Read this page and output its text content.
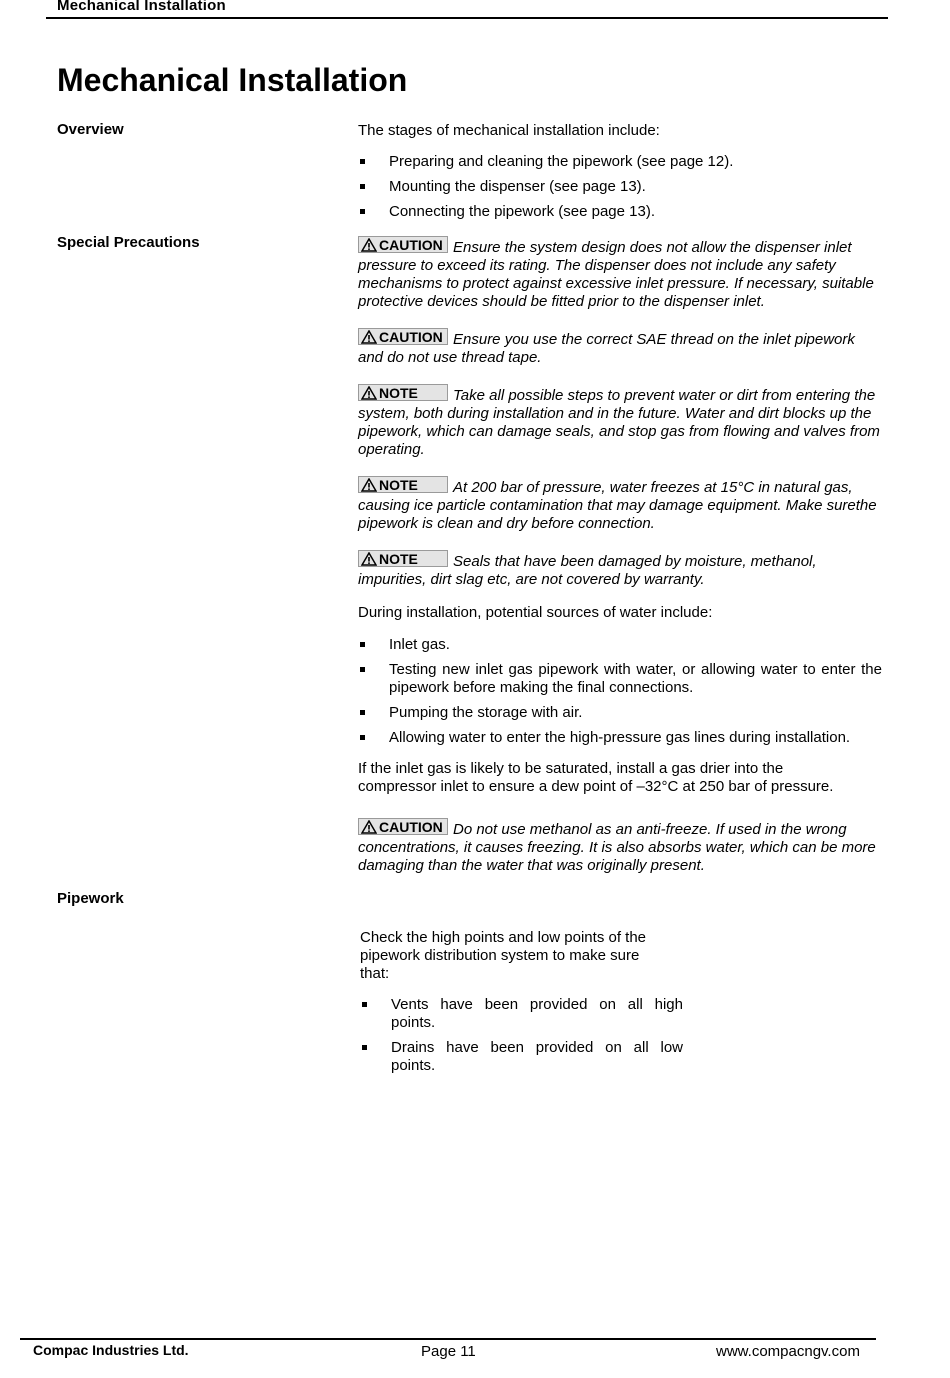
Mechanical Installation
Mechanical Installation
Overview	The stages of mechanical installation include:
Preparing and cleaning the pipework (see page 12).
Mounting the dispenser (see page 13).
Connecting the pipework (see page 13).
Special Precautions	CAUTION Ensure the system design does not allow the dispenser inlet pressure to exceed its rating. The dispenser does not include any safety mechanisms to protect against excessive inlet pressure. If necessary, suitable protective devices should be fitted prior to the dispenser inlet.
CAUTION Ensure you use the correct SAE thread on the inlet pipework and do not use thread tape.
NOTE Take all possible steps to prevent water or dirt from entering the system, both during installation and in the future. Water and dirt blocks up the pipework, which can damage seals, and stop gas from flowing and valves from operating.
NOTE At 200 bar of pressure, water freezes at 15°C in natural gas, causing ice particle contamination that may damage equipment. Make surethe pipework is clean and dry before connection.
NOTE Seals that have been damaged by moisture, methanol, impurities, dirt slag etc, are not covered by warranty.
During installation, potential sources of water include:
Inlet gas.
Testing new inlet gas pipework with water, or allowing water to enter the pipework before making the final connections.
Pumping the storage with air.
Allowing water to enter the high-pressure gas lines during installation.
If the inlet gas is likely to be saturated, install a gas drier into the compressor inlet to ensure a dew point of –32°C at 250 bar of pressure.
CAUTION Do not use methanol as an anti-freeze. If used in the wrong concentrations, it causes freezing. It is also absorbs water, which can be more damaging than the water that was originally present.
Pipework
Check the high points and low points of the pipework distribution system to make sure that:
Vents have been provided on all high points.
Drains have been provided on all low points.
Compac Industries Ltd.	Page 11	www.compacngv.com
